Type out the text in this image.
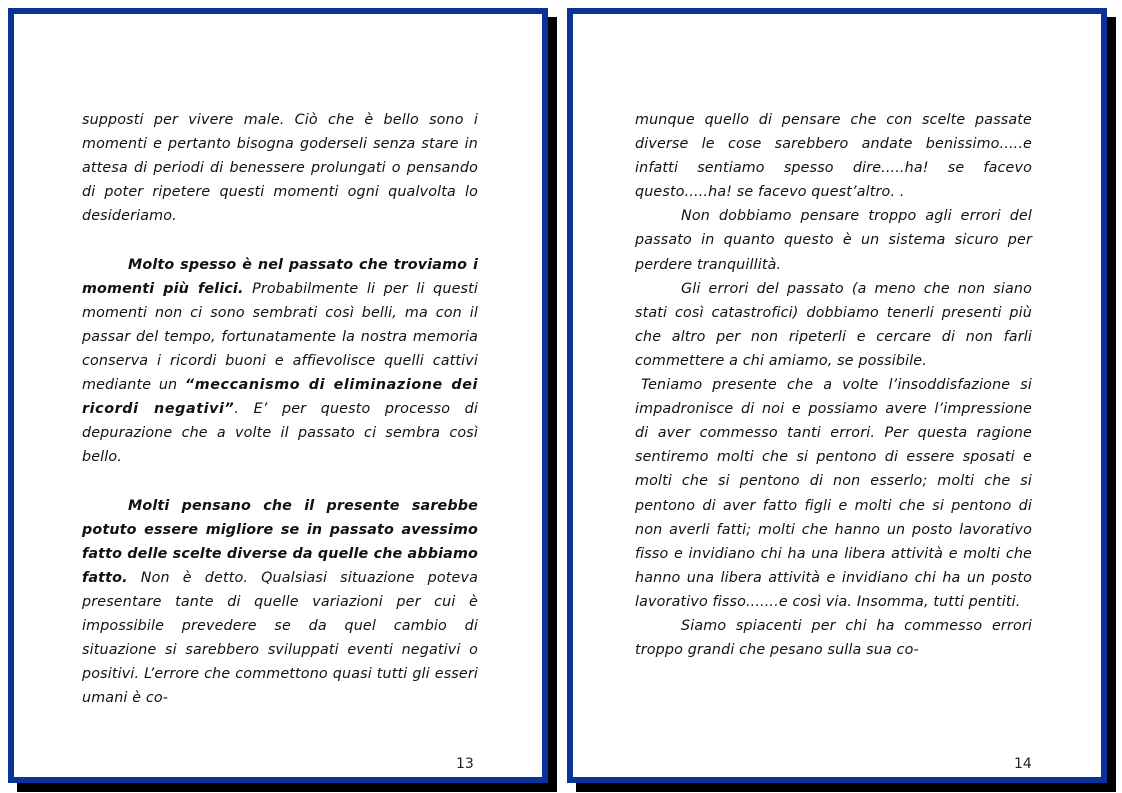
supposti per vivere male. Ciò che è bello sono i momenti e pertanto bisogna goderseli senza stare in attesa di periodi di benessere prolungati o pensando di poter ripetere questi momenti ogni qualvolta lo desideriamo.

Molto spesso è nel passato che troviamo i momenti più felici. Probabilmente li per li questi momenti non ci sono sembrati così belli, ma con il passar del tempo, fortunatamente la nostra memoria conserva i ricordi buoni e affievolisce quelli cattivi mediante un “meccanismo di eliminazione dei ricordi negativi”. E’ per questo processo di depurazione che a volte il passato ci sembra così bello.

Molti pensano che il presente sarebbe potuto essere migliore se in passato avessimo fatto delle scelte diverse da quelle che abbiamo fatto. Non è detto. Qualsiasi situazione poteva presentare tante di quelle variazioni per cui è impossibile prevedere se da quel cambio di situazione si sarebbero sviluppati eventi negativi o positivi. L’errore che commettono quasi tutti gli esseri umani è co-

13

munque quello di pensare che con scelte passate diverse le cose sarebbero andate benissimo.....e infatti sentiamo spesso dire.....ha! se facevo questo.....ha! se facevo quest’altro. .

Non dobbiamo pensare troppo agli errori del passato in quanto questo è un sistema sicuro per perdere tranquillità.

Gli errori del passato (a meno che non siano stati così catastrofici) dobbiamo tenerli presenti più che altro per non ripeterli e cercare di non farli commettere a chi amiamo, se possibile.

Teniamo presente che a volte l’insoddisfazione si impadronisce di noi e possiamo avere l’impressione di aver commesso tanti errori. Per questa ragione sentiremo molti che si pentono di essere sposati e molti che si pentono di non esserlo; molti che si pentono di aver fatto figli e molti che si pentono di non averli fatti; molti che hanno un posto lavorativo fisso e invidiano chi ha una libera attività e molti che hanno una libera attività e invidiano chi ha un posto lavorativo fisso.......e così via. Insomma, tutti pentiti.

Siamo spiacenti per chi ha commesso errori troppo grandi che pesano sulla sua co-

14
